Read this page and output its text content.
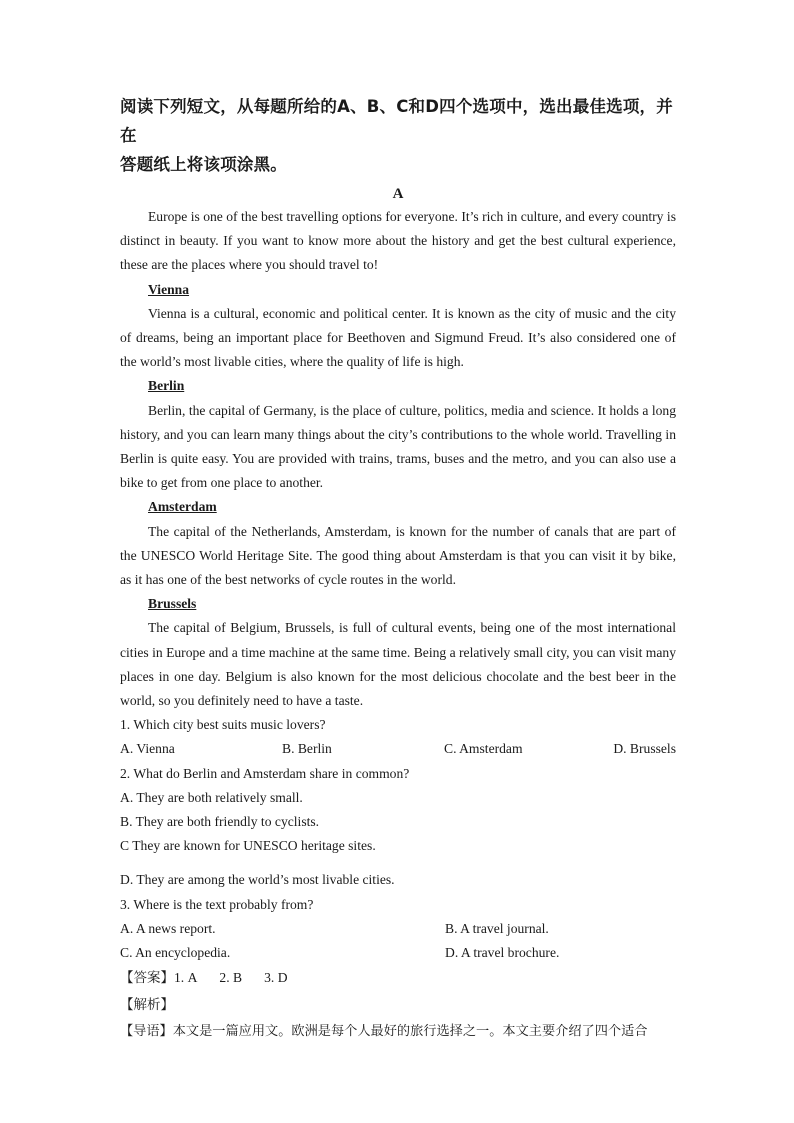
阅读下列短文，从每题所给的A、B、C和D四个选项中，选出最佳选项，并在
答题纸上将该项涂黑。
A

Europe is one of the best travelling options for everyone. It’s rich in culture, and every country is distinct in beauty. If you want to know more about the history and get the best cultural experience, these are the places where you should travel to!

Vienna

Vienna is a cultural, economic and political center. It is known as the city of music and the city of dreams, being an important place for Beethoven and Sigmund Freud. It’s also considered one of the world’s most livable cities, where the quality of life is high.

Berlin

Berlin, the capital of Germany, is the place of culture, politics, media and science. It holds a long history, and you can learn many things about the city’s contributions to the whole world. Travelling in Berlin is quite easy. You are provided with trains, trams, buses and the metro, and you can also use a bike to get from one place to another.

Amsterdam

The capital of the Netherlands, Amsterdam, is known for the number of canals that are part of the UNESCO World Heritage Site. The good thing about Amsterdam is that you can visit it by bike, as it has one of the best networks of cycle routes in the world.

Brussels

The capital of Belgium, Brussels, is full of cultural events, being one of the most international cities in Europe and a time machine at the same time. Being a relatively small city, you can visit many places in one day. Belgium is also known for the most delicious chocolate and the best beer in the world, so you definitely need to have a taste.

1. Which city best suits music lovers?
A. Vienna	B. Berlin	C. Amsterdam	D. Brussels
2. What do Berlin and Amsterdam share in common?
A. They are both relatively small.
B. They are both friendly to cyclists.
C They are known for UNESCO heritage sites.
D. They are among the world’s most livable cities.
3. Where is the text probably from?
A. A news report.	B. A travel journal.
C. An encyclopedia.	D. A travel brochure.
【答案】1. A 2. B 3. D
【解析】
【导语】本文是一篇应用文。欧洲是每个人最好的旅行选择之一。本文主要介绍了四个适合
